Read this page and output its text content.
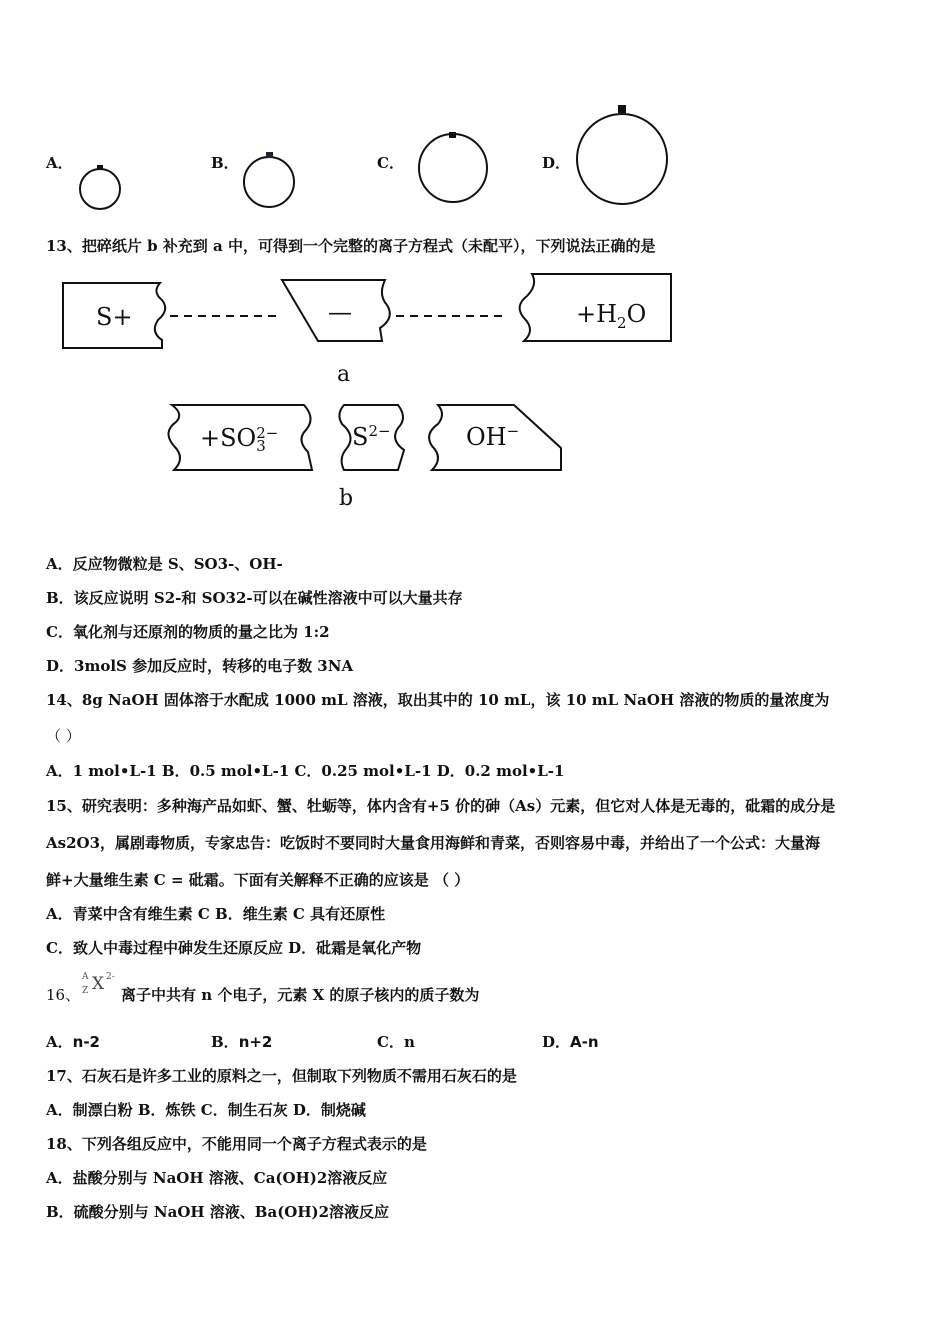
A．	B．	C．	D．
13、把碎纸片 b 补充到 a 中，可得到一个完整的离子方程式（未配平），下列说法正确的是
S+	—	$+H_2O$
a
+SO 2−
3	$S^{2-}$	OH−
b
A．反应物微粒是 S、SO3-、OH-
B．该反应说明 S2-和 SO32-可以在碱性溶液中可以大量共存
C．氧化剂与还原剂的物质的量之比为 1:2
D．3molS 参加反应时，转移的电子数 3NA
14、8g NaOH 固体溶于水配成 1000 mL 溶液，取出其中的 10 mL，该 10 mL NaOH 溶液的物质的量浓度为
（ ）
A．1 mol•L-1 B．0.5 mol•L-1 C．0.25 mol•L-1 D．0.2 mol•L-1
15、研究表明：多种海产品如虾、蟹、牡蛎等，体内含有+5 价的砷（As）元素，但它对人体是无毒的，砒霜的成分是
As2O3，属剧毒物质，专家忠告：吃饭时不要同时大量食用海鲜和青菜，否则容易中毒，并给出了一个公式：大量海
鲜+大量维生素 C = 砒霜。下面有关解释不正确的应该是 （ ）
A．青菜中含有维生素 C B．维生素 C 具有还原性
C．致人中毒过程中砷发生还原反应 D．砒霜是氧化产物
16、
A
Z X 2-
离子中共有 n 个电子，元素 X 的原子核内的质子数为
A．n-2	B．n+2	C．n	D．A-n
17、石灰石是许多工业的原料之一，但制取下列物质不需用石灰石的是
A．制漂白粉 B．炼铁 C．制生石灰 D．制烧碱
18、下列各组反应中，不能用同一个离子方程式表示的是
A．盐酸分别与 NaOH 溶液、Ca(OH)2溶液反应
B．硫酸分别与 NaOH 溶液、Ba(OH)2溶液反应
